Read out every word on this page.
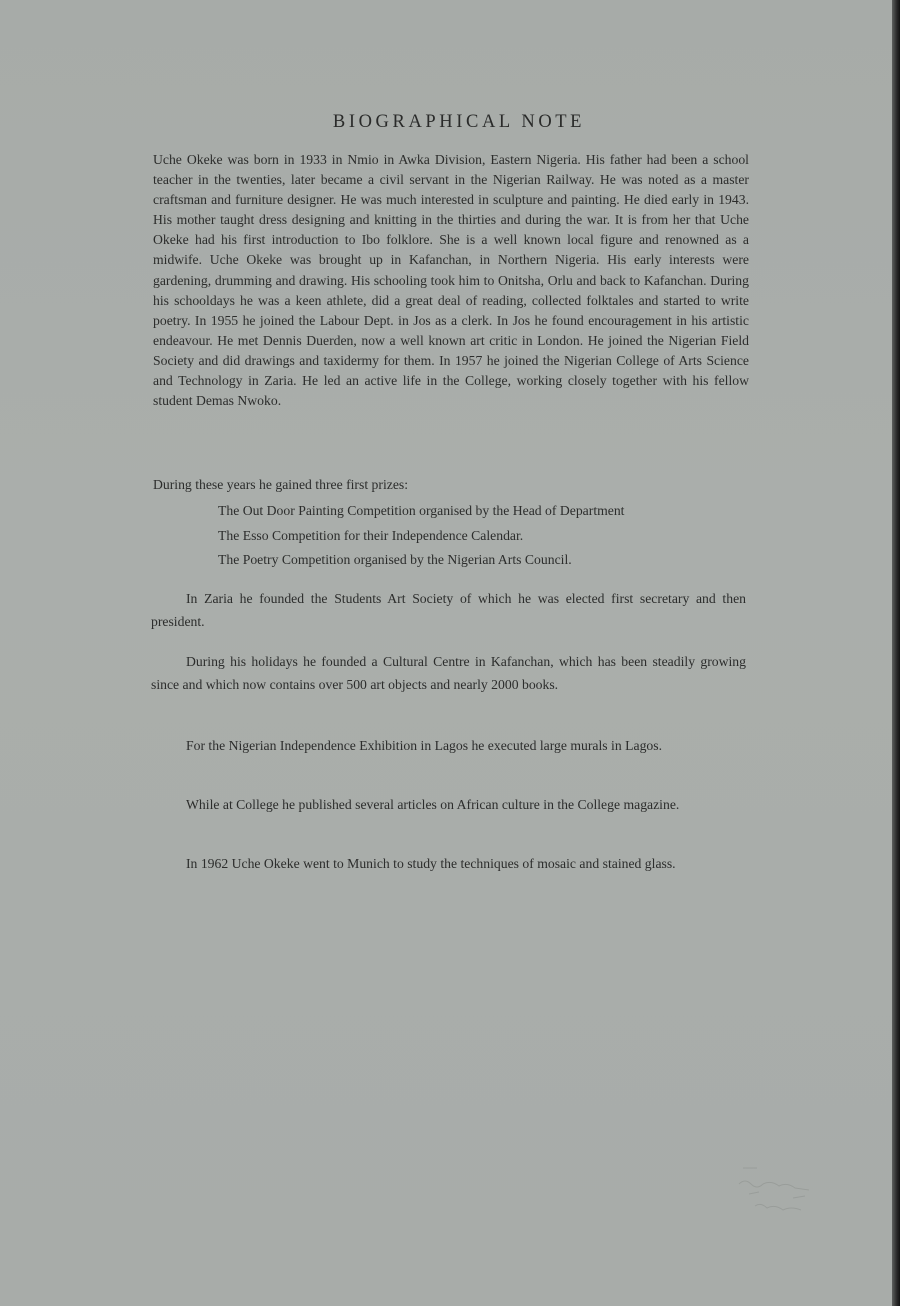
BIOGRAPHICAL NOTE

Uche Okeke was born in 1933 in Nmio in Awka Division, Eastern Nigeria. His father had been a school teacher in the twenties, later became a civil servant in the Nigerian Railway. He was noted as a master craftsman and furniture designer. He was much interested in sculpture and painting. He died early in 1943. His mother taught dress designing and knitting in the thirties and during the war. It is from her that Uche Okeke had his first introduction to Ibo folklore. She is a well known local figure and renowned as a midwife. Uche Okeke was brought up in Kafanchan, in Northern Nigeria. His early interests were gardening, drumming and drawing. His schooling took him to Onitsha, Orlu and back to Kafanchan. During his schooldays he was a keen athlete, did a great deal of reading, collected folktales and started to write poetry. In 1955 he joined the Labour Dept. in Jos as a clerk. In Jos he found encouragement in his artistic endeavour. He met Dennis Duerden, now a well known art critic in London. He joined the Nigerian Field Society and did drawings and taxidermy for them. In 1957 he joined the Nigerian College of Arts Science and Technology in Zaria. He led an active life in the College, working closely together with his fellow student Demas Nwoko.

During these years he gained three first prizes:

The Out Door Painting Competition organised by the Head of Department
The Esso Competition for their Independence Calendar.
The Poetry Competition organised by the Nigerian Arts Council.

In Zaria he founded the Students Art Society of which he was elected first secretary and then president.

During his holidays he founded a Cultural Centre in Kafanchan, which has been steadily growing since and which now contains over 500 art objects and nearly 2000 books.

For the Nigerian Independence Exhibition in Lagos he executed large murals in Lagos.

While at College he published several articles on African culture in the College magazine.

In 1962 Uche Okeke went to Munich to study the techniques of mosaic and stained glass.
